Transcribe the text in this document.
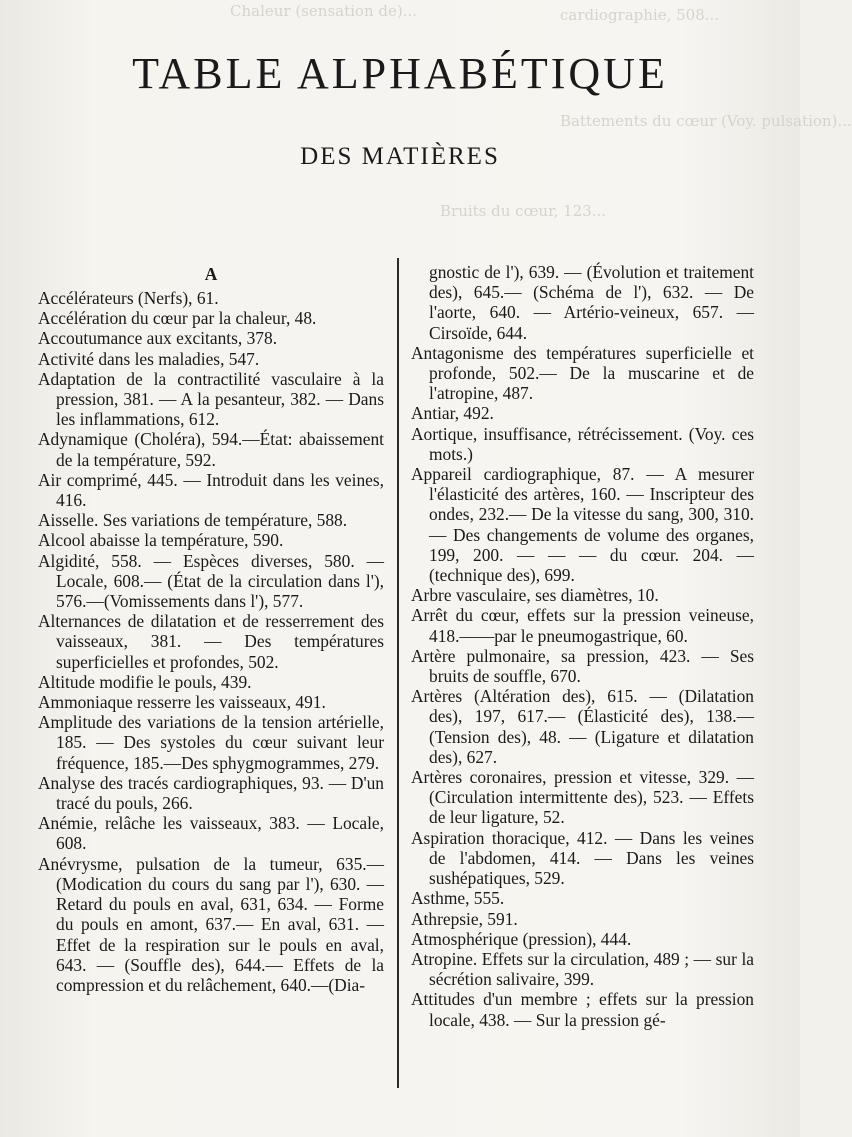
Chaleur (sensation de)...	cardiographie, 508...
Battements du cœur (Voy. pulsation)...
Bruits du cœur, 123...
TABLE ALPHABÉTIQUE
DES MATIÈRES
A
Accélérateurs (Nerfs), 61.
Accélération du cœur par la chaleur, 48.
Accoutumance aux excitants, 378.
Activité dans les maladies, 547.
Adaptation de la contractilité vasculaire à la pression, 381. — A la pesanteur, 382. — Dans les inflammations, 612.
Adynamique (Choléra), 594.—État: abaissement de la température, 592.
Air comprimé, 445. — Introduit dans les veines, 416.
Aisselle. Ses variations de température, 588.
Alcool abaisse la température, 590.
Algidité, 558. — Espèces diverses, 580. — Locale, 608.— (État de la circulation dans l'), 576.—(Vomissements dans l'), 577.
Alternances de dilatation et de resserrement des vaisseaux, 381. — Des températures superficielles et profondes, 502.
Altitude modifie le pouls, 439.
Ammoniaque resserre les vaisseaux, 491.
Amplitude des variations de la tension artérielle, 185. — Des systoles du cœur suivant leur fréquence, 185.—Des sphygmogrammes, 279.
Analyse des tracés cardiographiques, 93. — D'un tracé du pouls, 266.
Anémie, relâche les vaisseaux, 383. — Locale, 608.
Anévrysme, pulsation de la tumeur, 635.— (Modication du cours du sang par l'), 630. — Retard du pouls en aval, 631, 634. — Forme du pouls en amont, 637.— En aval, 631. — Effet de la respiration sur le pouls en aval, 643. — (Souffle des), 644.— Effets de la compression et du relâchement, 640.—(Dia-
gnostic de l'), 639. — (Évolution et traitement des), 645.— (Schéma de l'), 632. — De l'aorte, 640. — Artério-veineux, 657. — Cirsoïde, 644.
Antagonisme des températures superficielle et profonde, 502.— De la muscarine et de l'atropine, 487.
Antiar, 492.
Aortique, insuffisance, rétrécissement. (Voy. ces mots.)
Appareil cardiographique, 87. — A mesurer l'élasticité des artères, 160. — Inscripteur des ondes, 232.— De la vitesse du sang, 300, 310. — Des changements de volume des organes, 199, 200. — — — du cœur. 204. — (technique des), 699.
Arbre vasculaire, ses diamètres, 10.
Arrêt du cœur, effets sur la pression veineuse, 418.——par le pneumogastrique, 60.
Artère pulmonaire, sa pression, 423. — Ses bruits de souffle, 670.
Artères (Altération des), 615. — (Dilatation des), 197, 617.— (Élasticité des), 138.— (Tension des), 48. — (Ligature et dilatation des), 627.
Artères coronaires, pression et vitesse, 329. — (Circulation intermittente des), 523. — Effets de leur ligature, 52.
Aspiration thoracique, 412. — Dans les veines de l'abdomen, 414. — Dans les veines sushépatiques, 529.
Asthme, 555.
Athrepsie, 591.
Atmosphérique (pression), 444.
Atropine. Effets sur la circulation, 489 ; — sur la sécrétion salivaire, 399.
Attitudes d'un membre ; effets sur la pression locale, 438. — Sur la pression gé-
